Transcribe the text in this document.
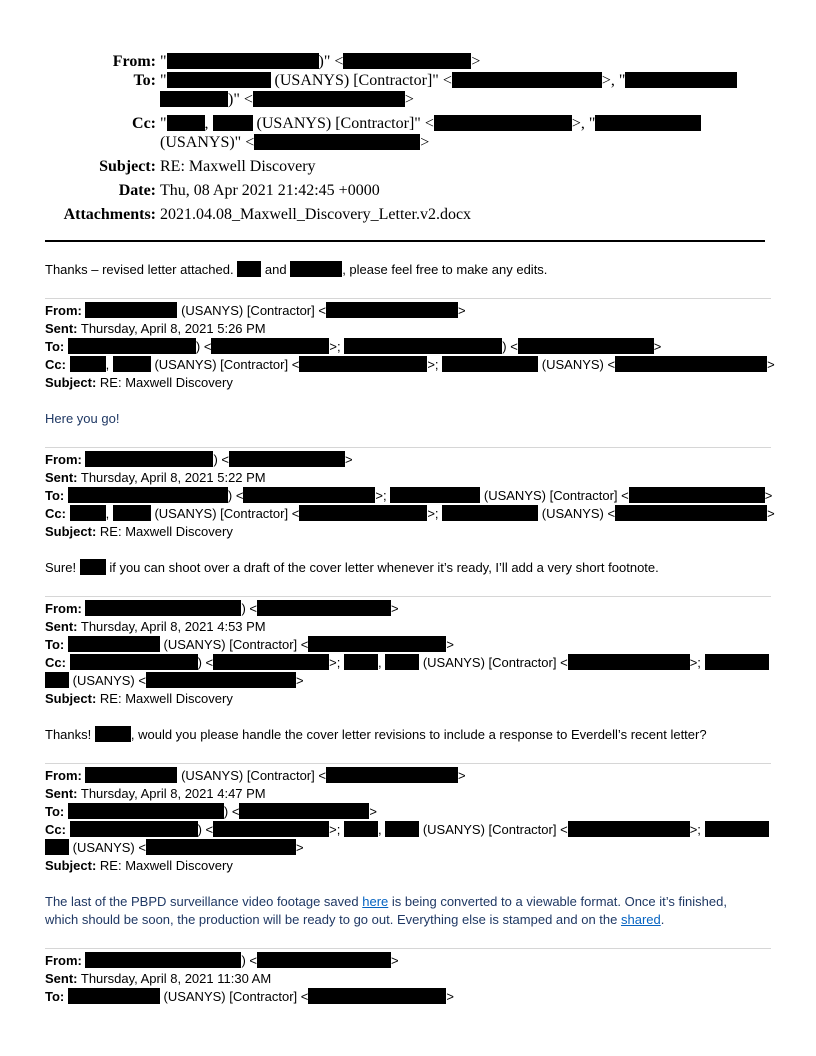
From: "	)" <	>
To: "	(USANYS) [Contractor]" <	>, "
)" <	>
Cc: " ,	(USANYS) [Contractor]" <	>, "
(USANYS)" <	>
Subject: RE: Maxwell Discovery
Date: Thu, 08 Apr 2021 21:42:45 +0000
Attachments: 2021.04.08_Maxwell_Discovery_Letter.v2.docx
Thanks – revised letter attached. and	, please feel free to make any edits.
From:	(USANYS) [Contractor] <	>
Sent: Thursday, April 8, 2021 5:26 PM
To:	) <	>;	) <	>
Cc:	,	(USANYS) [Contractor] <	>;	(USANYS) <	>
Subject: RE: Maxwell Discovery
Here you go!
From:	) <	>
Sent: Thursday, April 8, 2021 5:22 PM
To:	) <	>;	(USANYS) [Contractor] <	>
Cc:	,	(USANYS) [Contractor] <	>;	(USANYS) <	>
Subject: RE: Maxwell Discovery
Sure!	if you can shoot over a draft of the cover letter whenever it’s ready, I’ll add a very short footnote.
From:	) <	>
Sent: Thursday, April 8, 2021 4:53 PM
To:	(USANYS) [Contractor] <	>
Cc:	) <	>;	,	(USANYS) [Contractor] <	>;
(USANYS) <	>
Subject: RE: Maxwell Discovery
Thanks!	, would you please handle the cover letter revisions to include a response to Everdell’s recent letter?
From:	(USANYS) [Contractor] <	>
Sent: Thursday, April 8, 2021 4:47 PM
To:	) <	>
Cc:	) <	>;	,	(USANYS) [Contractor] <	>;
(USANYS) <	>
Subject: RE: Maxwell Discovery
The last of the PBPD surveillance video footage saved here is being converted to a viewable format. Once it’s finished,
which should be soon, the production will be ready to go out. Everything else is stamped and on the shared.
From:	) <	>
Sent: Thursday, April 8, 2021 11:30 AM
To:	(USANYS) [Contractor] <	>
